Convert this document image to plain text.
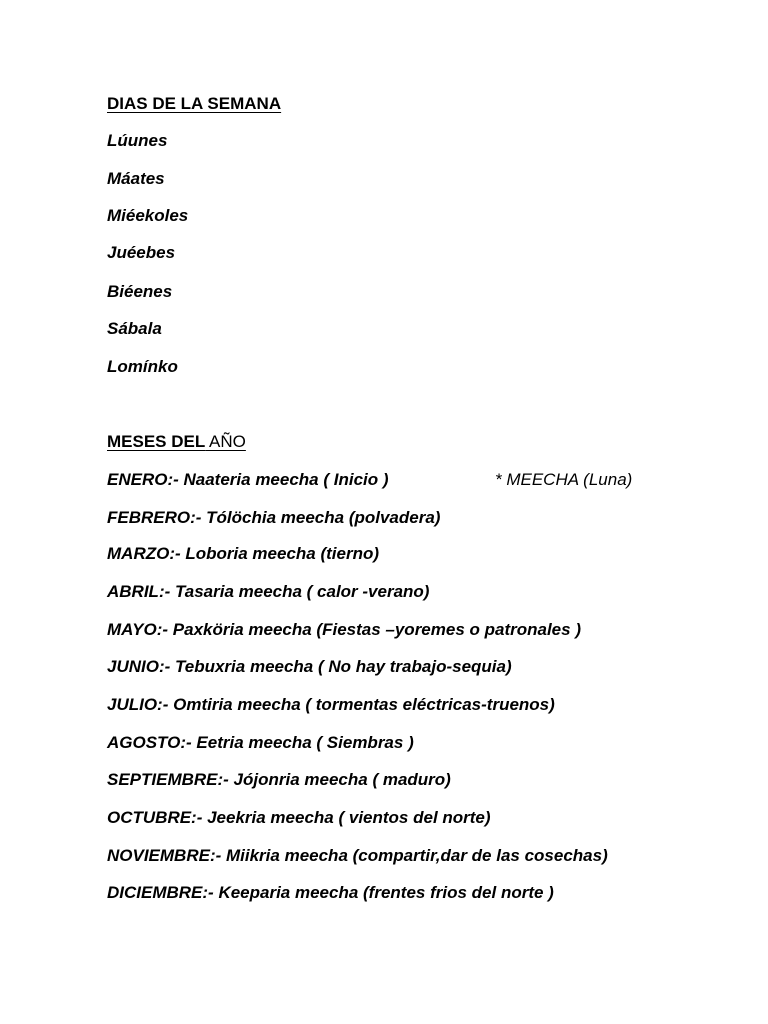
DIAS DE LA SEMANA
Lúunes
Máates
Miéekoles
Juéebes
Biéenes
Sábala
Lomínko
MESES DEL AÑO
ENERO:- Naateria meecha ( Inicio )	* MEECHA (Luna)
FEBRERO:- Tólöchia meecha (polvadera)
MARZO:- Loboria meecha (tierno)
ABRIL:- Tasaria meecha ( calor -verano)
MAYO:- Paxköria meecha (Fiestas –yoremes o patronales )
JUNIO:- Tebuxria meecha ( No hay trabajo-sequia)
JULIO:- Omtiria meecha ( tormentas eléctricas-truenos)
AGOSTO:- Eetria meecha ( Siembras )
SEPTIEMBRE:- Jójonria meecha ( maduro)
OCTUBRE:- Jeekria meecha ( vientos del norte)
NOVIEMBRE:- Miikria meecha (compartir,dar de las cosechas)
DICIEMBRE:- Keeparia meecha (frentes frios del norte )
